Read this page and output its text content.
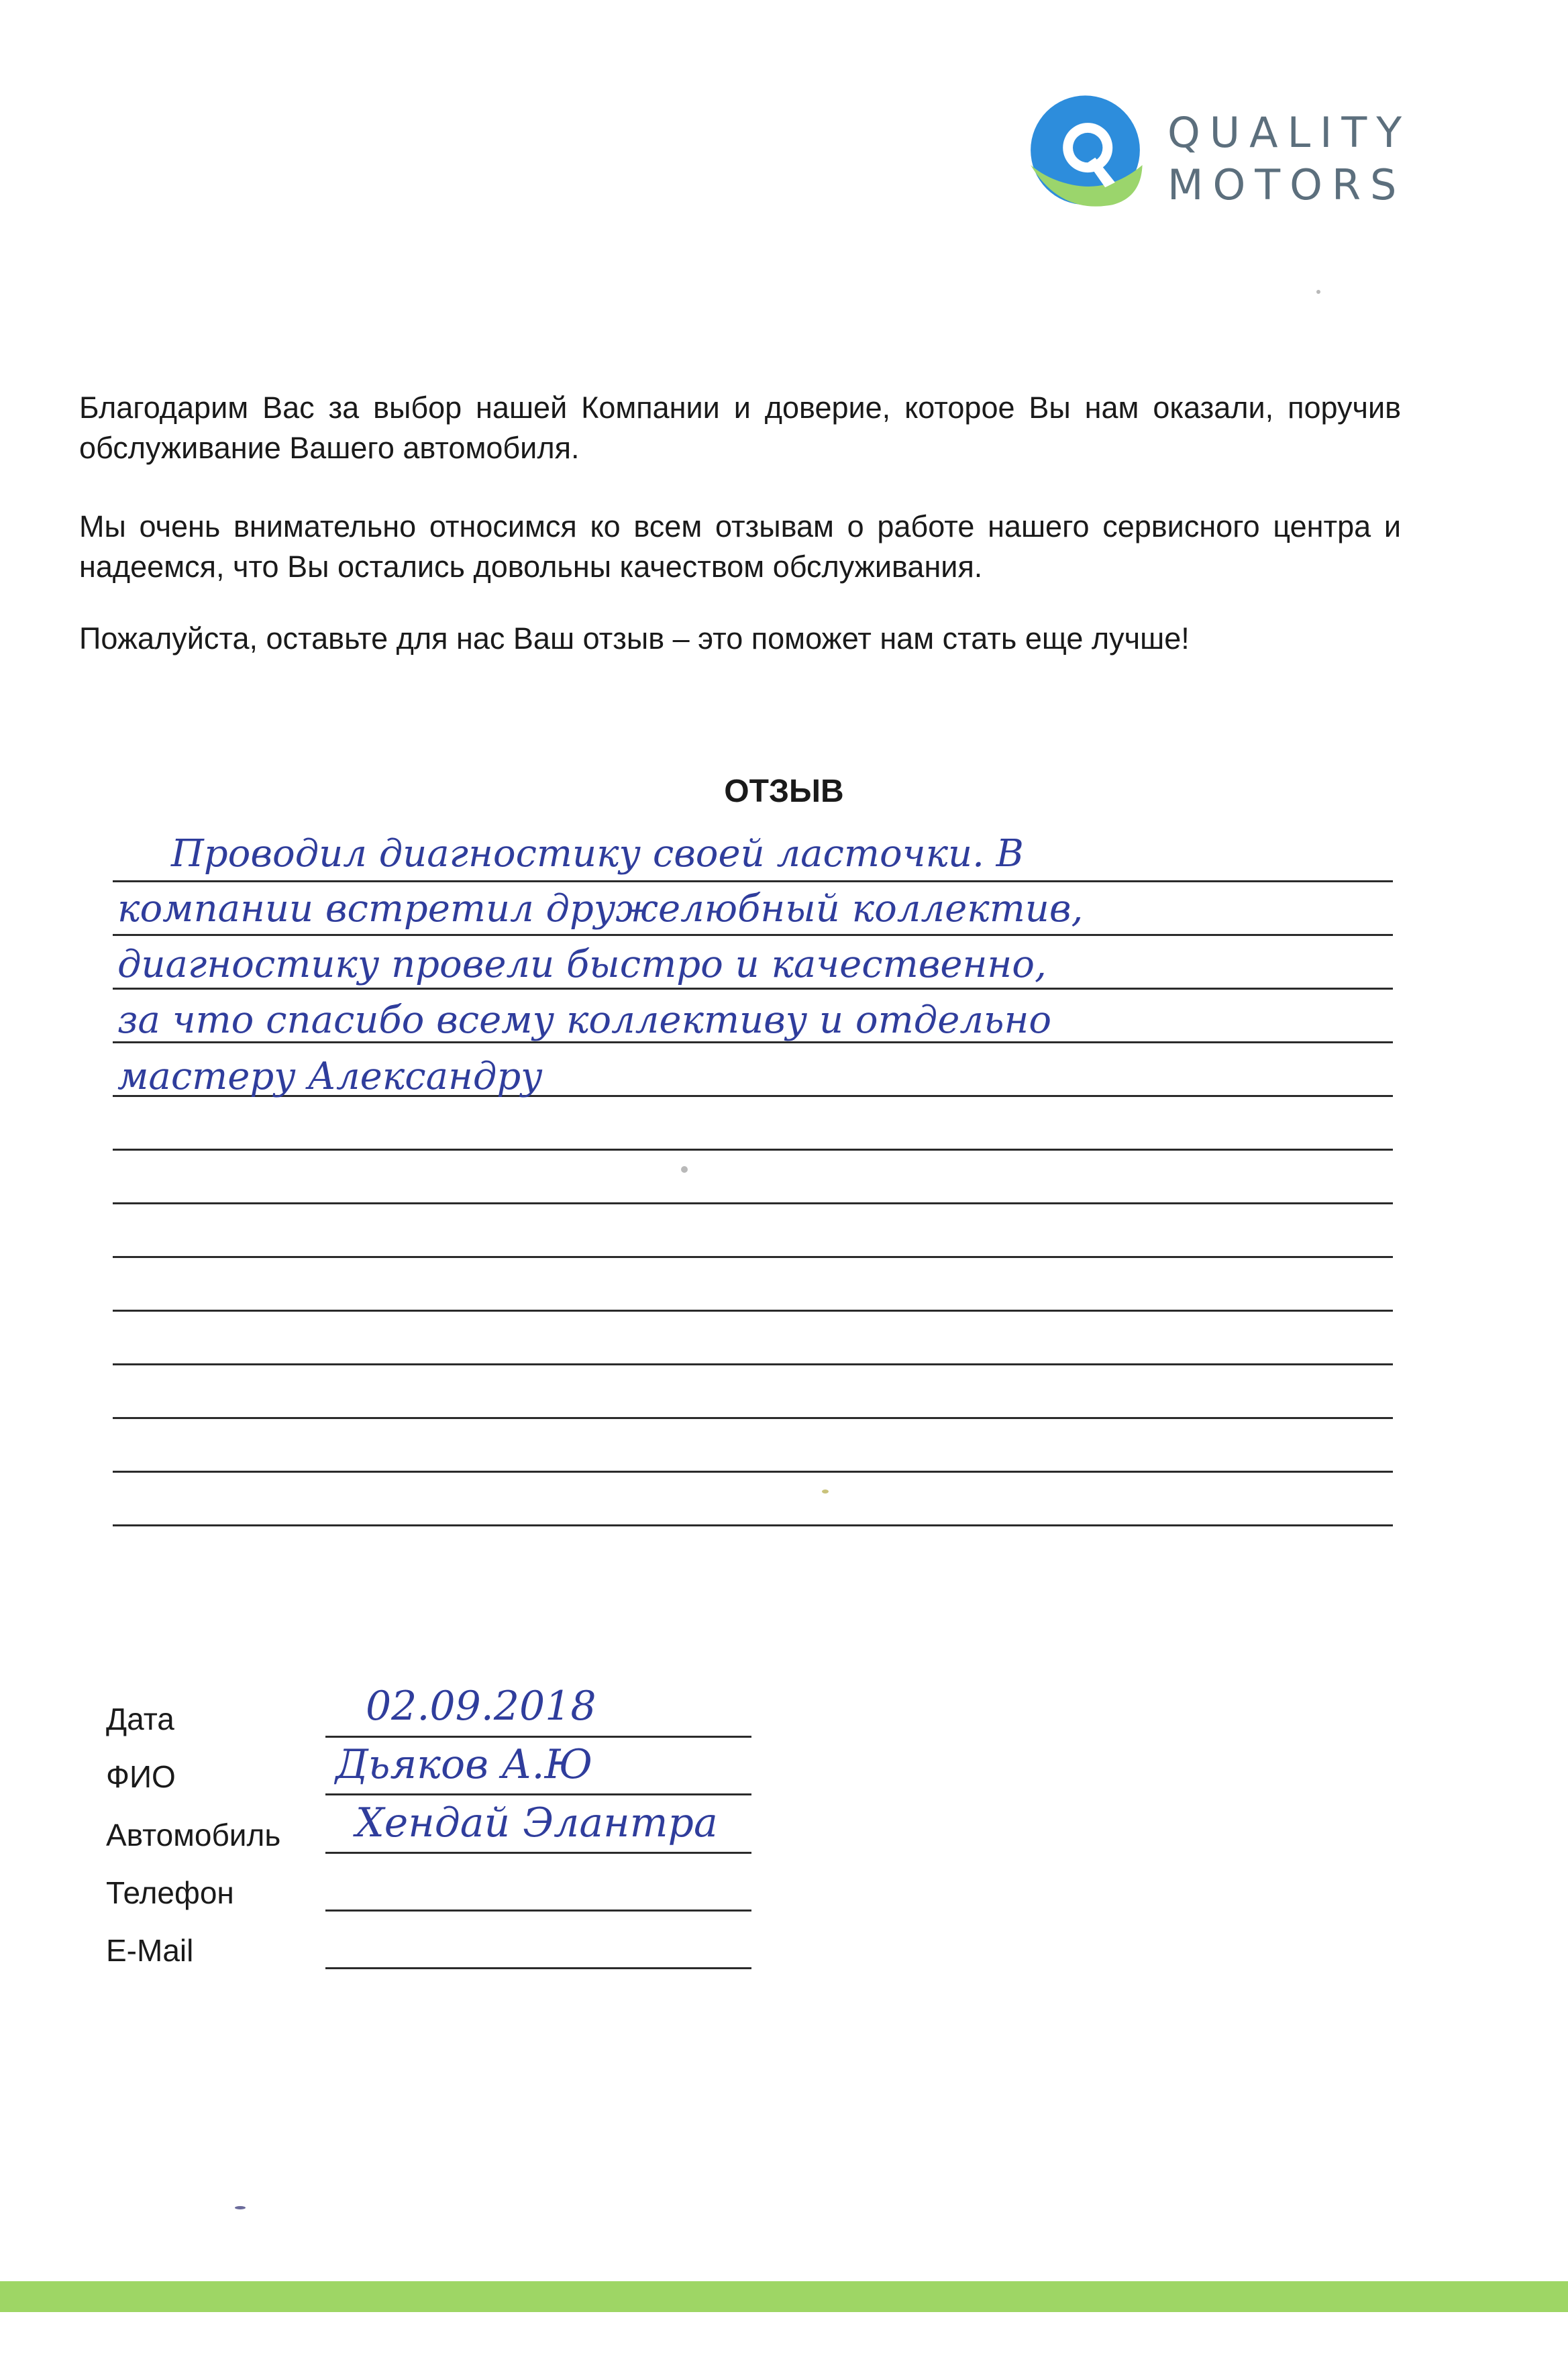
QUALITY
MOTORS

Благодарим Вас за выбор нашей Компании и доверие, которое Вы нам оказали, поручив обслуживание Вашего автомобиля.

Мы очень внимательно относимся ко всем отзывам о работе нашего сервисного центра и надеемся, что Вы остались довольны качеством обслуживания.

Пожалуйста, оставьте для нас Ваш отзыв – это поможет нам стать еще лучше!

ОТЗЫВ
Проводил диагностику своей ласточки. В
компании встретил дружелюбный коллектив,
диагностику провели быстро и качественно,
за что спасибо всему коллективу и отдельно
мастеру Александру
Дата	02.09.2018
ФИО	Дьяков А.Ю
Автомобиль Хендай Элантра
Телефон
E-Mail
